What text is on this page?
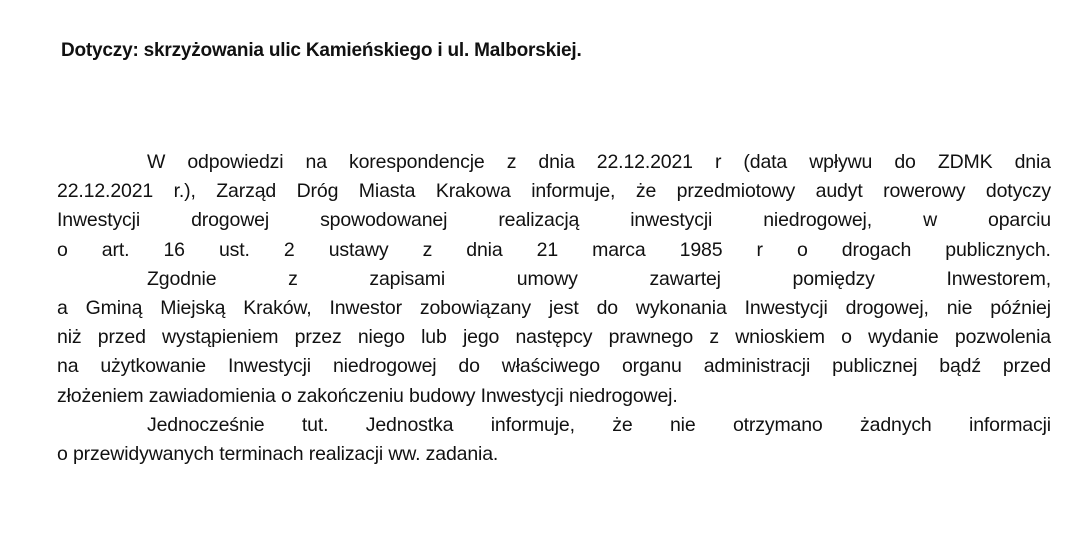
Dotyczy: skrzyżowania ulic Kamieńskiego i ul. Malborskiej.
W odpowiedzi na korespondencje z dnia 22.12.2021 r (data wpływu do ZDMK dnia
22.12.2021 r.), Zarząd Dróg Miasta Krakowa informuje, że przedmiotowy audyt rowerowy dotyczy
Inwestycji	drogowej	spowodowanej	realizacją	inwestycji	niedrogowej,	w	oparciu
o art. 16 ust. 2 ustawy z dnia 21 marca 1985 r o drogach publicznych.
Zgodnie	z	zapisami	umowy	zawartej	pomiędzy	Inwestorem,
a Gminą Miejską Kraków, Inwestor zobowiązany jest do wykonania Inwestycji drogowej, nie później
niż przed wystąpieniem przez niego lub jego następcy prawnego z wnioskiem o wydanie pozwolenia
na użytkowanie Inwestycji niedrogowej do właściwego organu administracji publicznej bądź przed
złożeniem zawiadomienia o zakończeniu budowy Inwestycji niedrogowej.
Jednocześnie tut. Jednostka informuje, że nie otrzymano żadnych informacji
o przewidywanych terminach realizacji ww. zadania.
